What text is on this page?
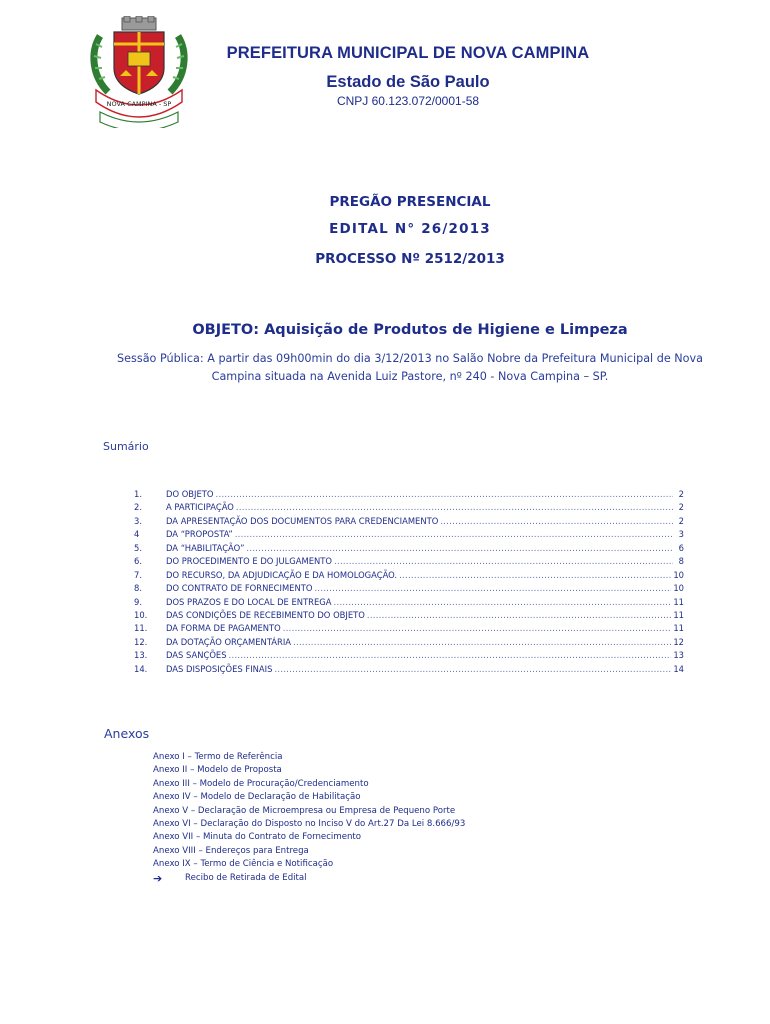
NOVA CAMPINA - SP
PREFEITURA MUNICIPAL DE NOVA CAMPINA
Estado de São Paulo
CNPJ 60.123.072/0001-58
PREGÃO PRESENCIAL
EDITAL N° 26/2013
PROCESSO Nº 2512/2013
OBJETO: Aquisição de Produtos de Higiene e Limpeza
Sessão Pública: A partir das 09h00min do dia 3/12/2013 no Salão Nobre da Prefeitura Municipal de Nova Campina situada na Avenida Luiz Pastore, nº 240 - Nova Campina – SP.
Sumário
1.	DO OBJETO .....	2
2.	A PARTICIPAÇÃO .....	2
3.	DA APRESENTAÇÃO DOS DOCUMENTOS PARA CREDENCIAMENTO .....	2
4	DA “PROPOSTA” .....	3
5.	DA “HABILITAÇÃO” .....	6
6.	DO PROCEDIMENTO E DO JULGAMENTO .....	8
7.	DO RECURSO, DA ADJUDICAÇÃO E DA HOMOLOGAÇÃO. .....	10
8.	DO CONTRATO DE FORNECIMENTO .....	10
9.	DOS PRAZOS E DO LOCAL DE ENTREGA .....	11
10.	DAS CONDIÇÕES DE RECEBIMENTO DO OBJETO .....	11
11.	DA FORMA DE PAGAMENTO .....	11
12.	DA DOTAÇÃO ORÇAMENTÁRIA .....	12
13.	DAS SANÇÕES .....	13
14.	DAS DISPOSIÇÕES FINAIS .....	14
Anexos
Anexo I – Termo de Referência
Anexo II – Modelo de Proposta
Anexo III – Modelo de Procuração/Credenciamento
Anexo IV – Modelo de Declaração de Habilitação
Anexo V – Declaração de Microempresa ou Empresa de Pequeno Porte
Anexo VI – Declaração do Disposto no Inciso V do Art.27 Da Lei 8.666/93
Anexo VII – Minuta do Contrato de Fornecimento
Anexo VIII – Endereços para Entrega
Anexo IX – Termo de Ciência e Notificação
➔	Recibo de Retirada de Edital
